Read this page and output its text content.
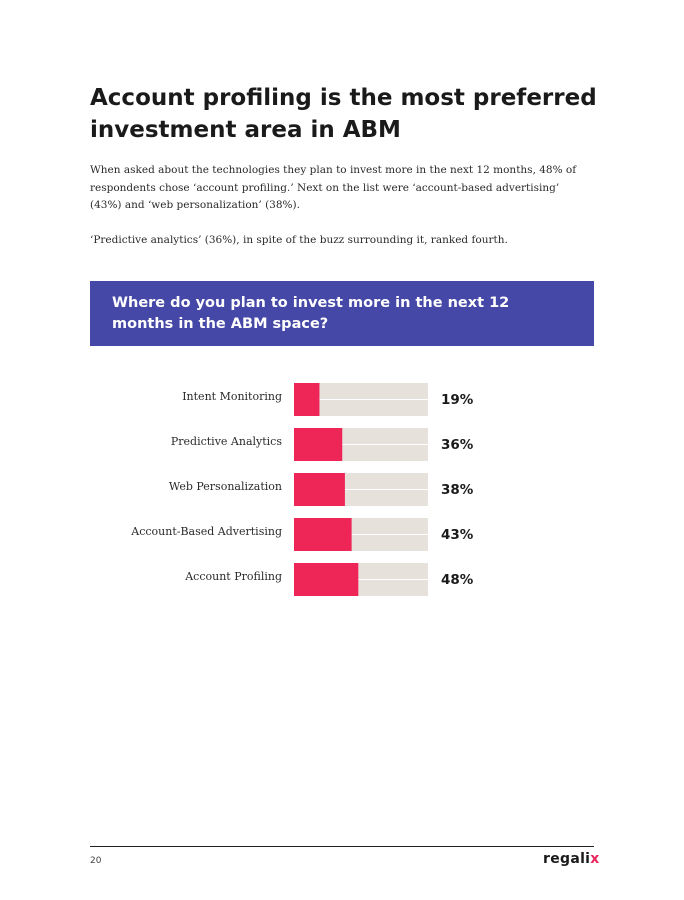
Account profiling is the most preferred investment area in ABM

When asked about the technologies they plan to invest more in the next 12 months, 48% of respondents chose ‘account profiling.’ Next on the list were ‘account-based advertising’ (43%) and ‘web personalization’ (38%).

‘Predictive analytics’ (36%), in spite of the buzz surrounding it, ranked fourth.

Where do you plan to invest more in the next 12 months in the ABM space?

Intent Monitoring	19%
Predictive Analytics	36%
Web Personalization	38%
Account-Based Advertising	43%
Account Profiling	48%
20	regalix
